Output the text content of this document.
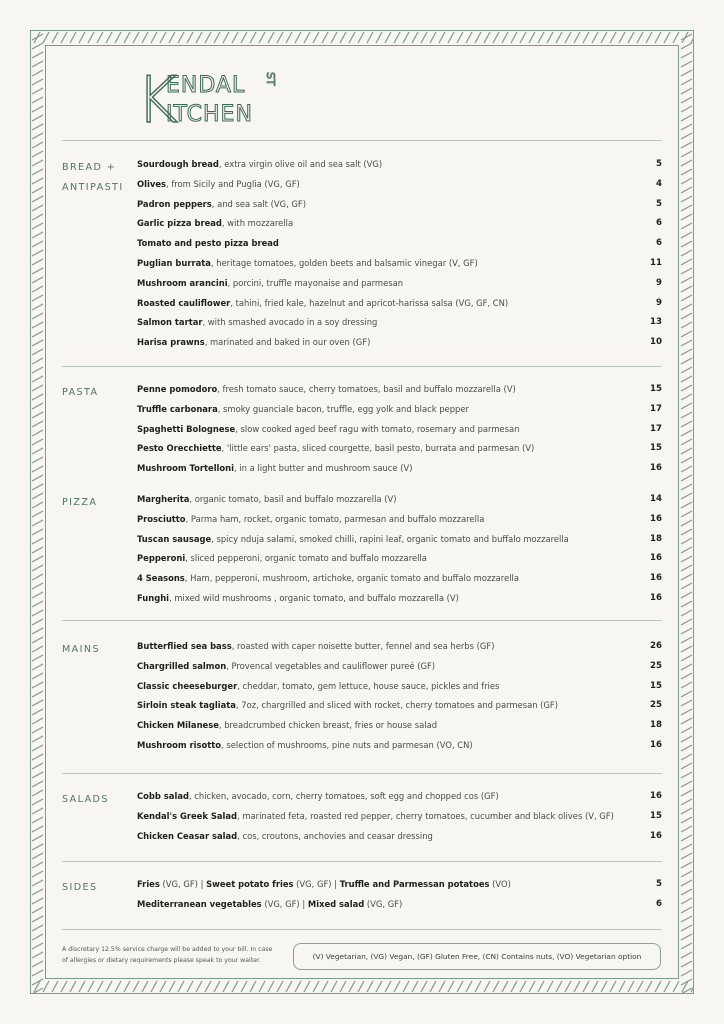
K
ENDAL
ITCHEN
ST
BREAD +
ANTIPASTI
Sourdough bread, extra virgin olive oil and sea salt (VG)	5
Olives, from Sicily and Puglia (VG, GF)	4
Padron peppers, and sea salt (VG, GF)	5
Garlic pizza bread, with mozzarella	6
Tomato and pesto pizza bread	6
Puglian burrata, heritage tomatoes, golden beets and balsamic vinegar (V, GF)	11
Mushroom arancini, porcini, truffle mayonaise and parmesan	9
Roasted cauliflower, tahini, fried kale, hazelnut and apricot-harissa salsa (VG, GF, CN)	9
Salmon tartar, with smashed avocado in a soy dressing	13
Harisa prawns, marinated and baked in our oven (GF)	10
PASTA	Penne pomodoro, fresh tomato sauce, cherry tomatoes, basil and buffalo mozzarella (V)	15
Truffle carbonara, smoky guanciale bacon, truffle, egg yolk and black pepper	17
Spaghetti Bolognese, slow cooked aged beef ragu with tomato, rosemary and parmesan	17
Pesto Orecchiette, 'little ears' pasta, sliced courgette, basil pesto, burrata and parmesan (V)	15
Mushroom Tortelloni, in a light butter and mushroom sauce (V)	16
PIZZA	Margherita, organic tomato, basil and buffalo mozzarella (V)	14
Prosciutto, Parma ham, rocket, organic tomato, parmesan and buffalo mozzarella	16
Tuscan sausage, spicy nduja salami, smoked chilli, rapini leaf, organic tomato and buffalo mozzarella	18
Pepperoni, sliced pepperoni, organic tomato and buffalo mozzarella	16
4 Seasons, Ham, pepperoni, mushroom, artichoke, organic tomato and buffalo mozzarella	16
Funghi, mixed wild mushrooms , organic tomato, and buffalo mozzarella (V)	16
MAINS	Butterflied sea bass, roasted with caper noisette butter, fennel and sea herbs (GF)	26
Chargrilled salmon, Provencal vegetables and cauliflower pureé (GF)	25
Classic cheeseburger, cheddar, tomato, gem lettuce, house sauce, pickles and fries	15
Sirloin steak tagliata, 7oz, chargrilled and sliced with rocket, cherry tomatoes and parmesan (GF)	25
Chicken Milanese, breadcrumbed chicken breast, fries or house salad	18
Mushroom risotto, selection of mushrooms, pine nuts and parmesan (VO, CN)	16
SALADS	Cobb salad, chicken, avocado, corn, cherry tomatoes, soft egg and chopped cos (GF)	16
Kendal's Greek Salad, marinated feta, roasted red pepper, cherry tomatoes, cucumber and black olives (V, GF)	15
Chicken Ceasar salad, cos, croutons, anchovies and ceasar dressing	16
SIDES	Fries (VG, GF) | Sweet potato fries (VG, GF) | Truffle and Parmessan potatoes (VO)	5
Mediterranean vegetables (VG, GF) | Mixed salad (VG, GF)	6
A discretary 12.5% service charge will be added to your bill. In case
of allergies or dietary requirements please speak to your waiter.	(V) Vegetarian, (VG) Vegan, (GF) Gluten Free, (CN) Contains nuts, (VO) Vegetarian option
